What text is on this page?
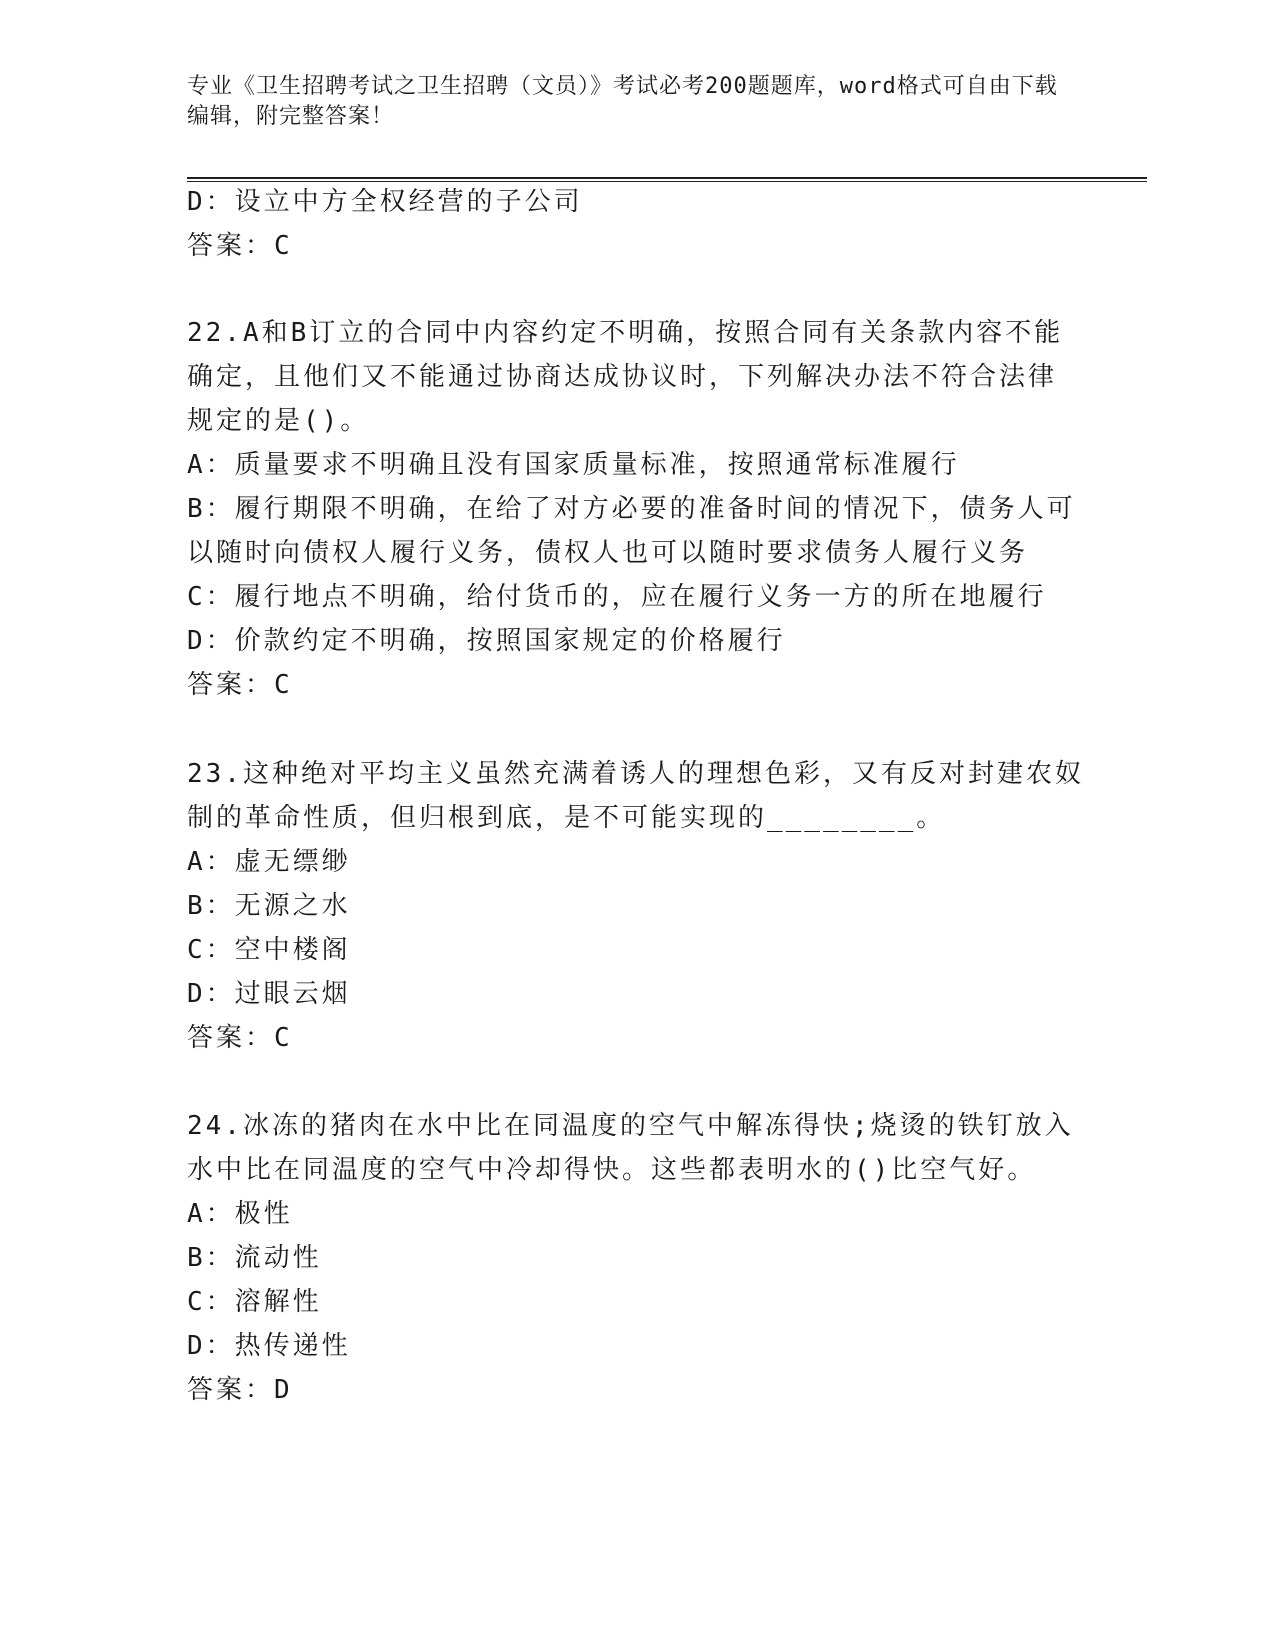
专业《卫生招聘考试之卫生招聘（文员）》考试必考200题题库，word格式可自由下载编辑，附完整答案！
D：设立中方全权经营的子公司
答案：C
22.A和B订立的合同中内容约定不明确，按照合同有关条款内容不能
确定，且他们又不能通过协商达成协议时，下列解决办法不符合法律
规定的是()。
A：质量要求不明确且没有国家质量标准，按照通常标准履行
B：履行期限不明确，在给了对方必要的准备时间的情况下，债务人可
以随时向债权人履行义务，债权人也可以随时要求债务人履行义务
C：履行地点不明确，给付货币的，应在履行义务一方的所在地履行
D：价款约定不明确，按照国家规定的价格履行
答案：C
23.这种绝对平均主义虽然充满着诱人的理想色彩，又有反对封建农奴
制的革命性质，但归根到底，是不可能实现的________。
A：虚无缥缈
B：无源之水
C：空中楼阁
D：过眼云烟
答案：C
24.冰冻的猪肉在水中比在同温度的空气中解冻得快;烧烫的铁钉放入
水中比在同温度的空气中冷却得快。这些都表明水的()比空气好。
A：极性
B：流动性
C：溶解性
D：热传递性
答案：D
